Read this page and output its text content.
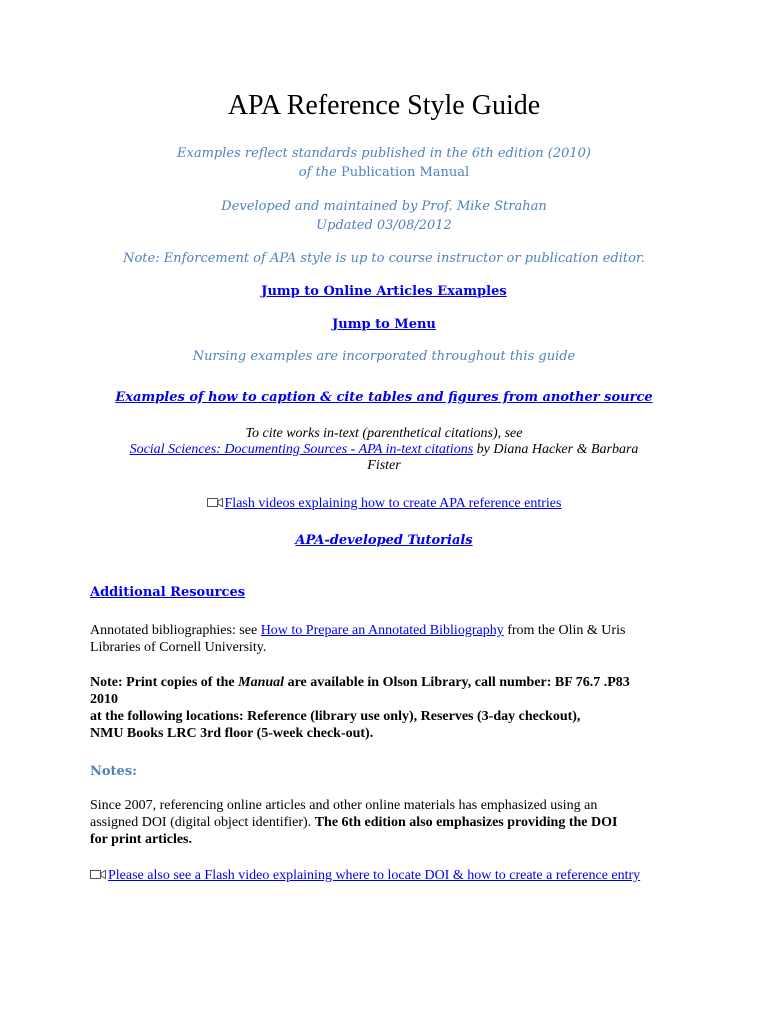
APA Reference Style Guide
Examples reflect standards published in the 6th edition (2010)
of the Publication Manual
Developed and maintained by Prof. Mike Strahan
Updated 03/08/2012
Note: Enforcement of APA style is up to course instructor or publication editor.
Jump to Online Articles Examples
Jump to Menu
Nursing examples are incorporated throughout this guide
Examples of how to caption & cite tables and figures from another source
To cite works in-text (parenthetical citations), see
Social Sciences: Documenting Sources - APA in-text citations by Diana Hacker & Barbara
Fister
Flash videos explaining how to create APA reference entries
APA-developed Tutorials
Additional Resources
Annotated bibliographies: see How to Prepare an Annotated Bibliography from the Olin & Uris
Libraries of Cornell University.
Note: Print copies of the Manual are available in Olson Library, call number: BF 76.7 .P83
2010
at the following locations: Reference (library use only), Reserves (3-day checkout),
NMU Books LRC 3rd floor (5-week check-out).
Notes:
Since 2007, referencing online articles and other online materials has emphasized using an
assigned DOI (digital object identifier). The 6th edition also emphasizes providing the DOI
for print articles.
Please also see a Flash video explaining where to locate DOI & how to create a reference entry
